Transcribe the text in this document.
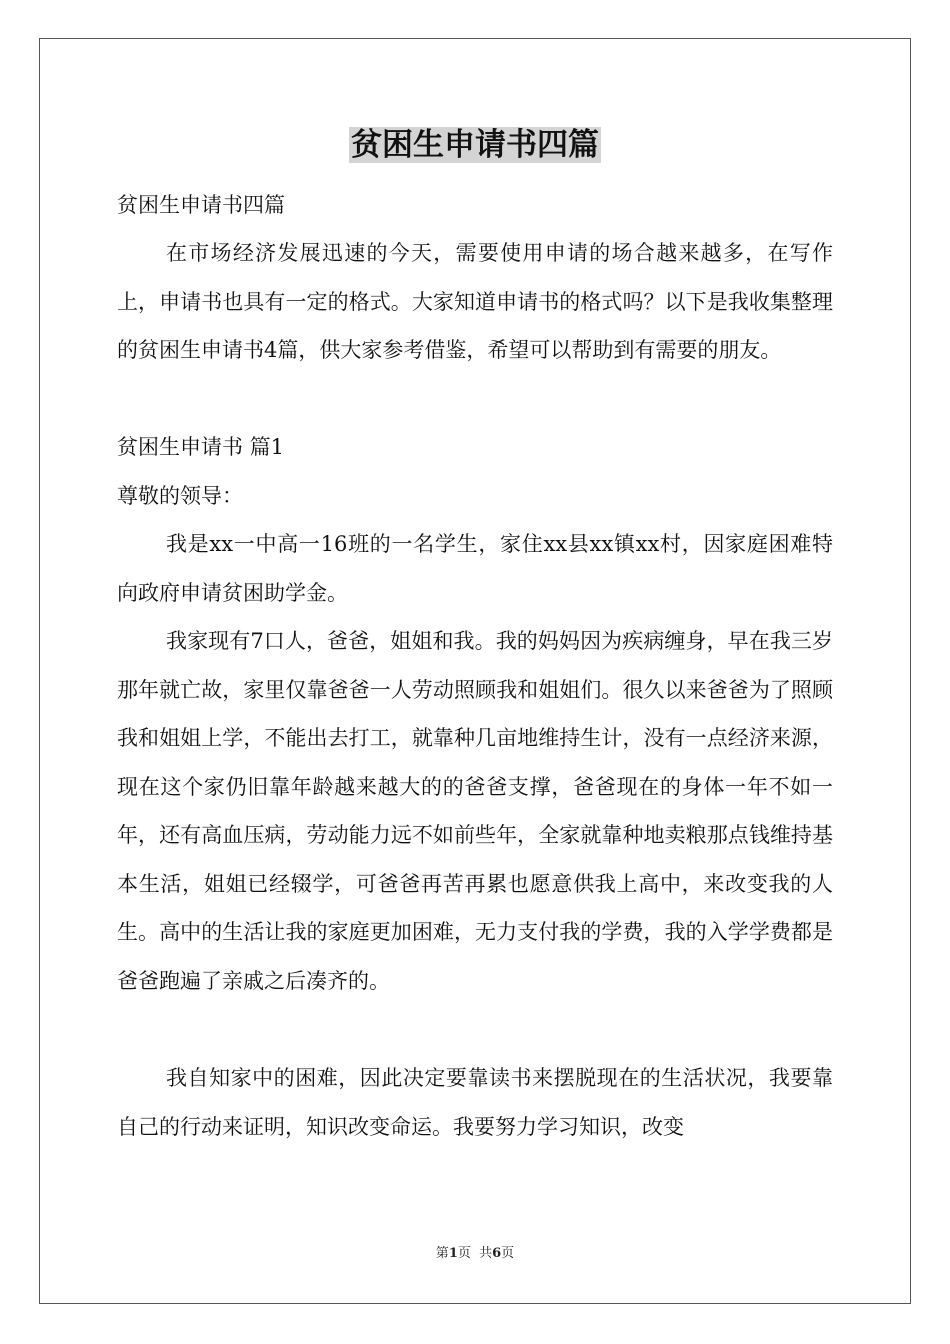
贫困生申请书四篇

贫困生申请书四篇

在市场经济发展迅速的今天，需要使用申请的场合越来越多，在写作上，申请书也具有一定的格式。大家知道申请书的格式吗？以下是我收集整理的贫困生申请书4篇，供大家参考借鉴，希望可以帮助到有需要的朋友。

贫困生申请书 篇1

尊敬的领导：

我是xx一中高一16班的一名学生，家住xx县xx镇xx村，因家庭困难特向政府申请贫困助学金。

我家现有7口人，爸爸，姐姐和我。我的妈妈因为疾病缠身，早在我三岁那年就亡故，家里仅靠爸爸一人劳动照顾我和姐姐们。很久以来爸爸为了照顾我和姐姐上学，不能出去打工，就靠种几亩地维持生计，没有一点经济来源，现在这个家仍旧靠年龄越来越大的的爸爸支撑，爸爸现在的身体一年不如一年，还有高血压病，劳动能力远不如前些年，全家就靠种地卖粮那点钱维持基本生活，姐姐已经辍学，可爸爸再苦再累也愿意供我上高中，来改变我的人生。高中的生活让我的家庭更加困难，无力支付我的学费，我的入学学费都是爸爸跑遍了亲戚之后凑齐的。

我自知家中的困难，因此决定要靠读书来摆脱现在的生活状况，我要靠自己的行动来证明，知识改变命运。我要努力学习知识，改变

第1页  共6页
